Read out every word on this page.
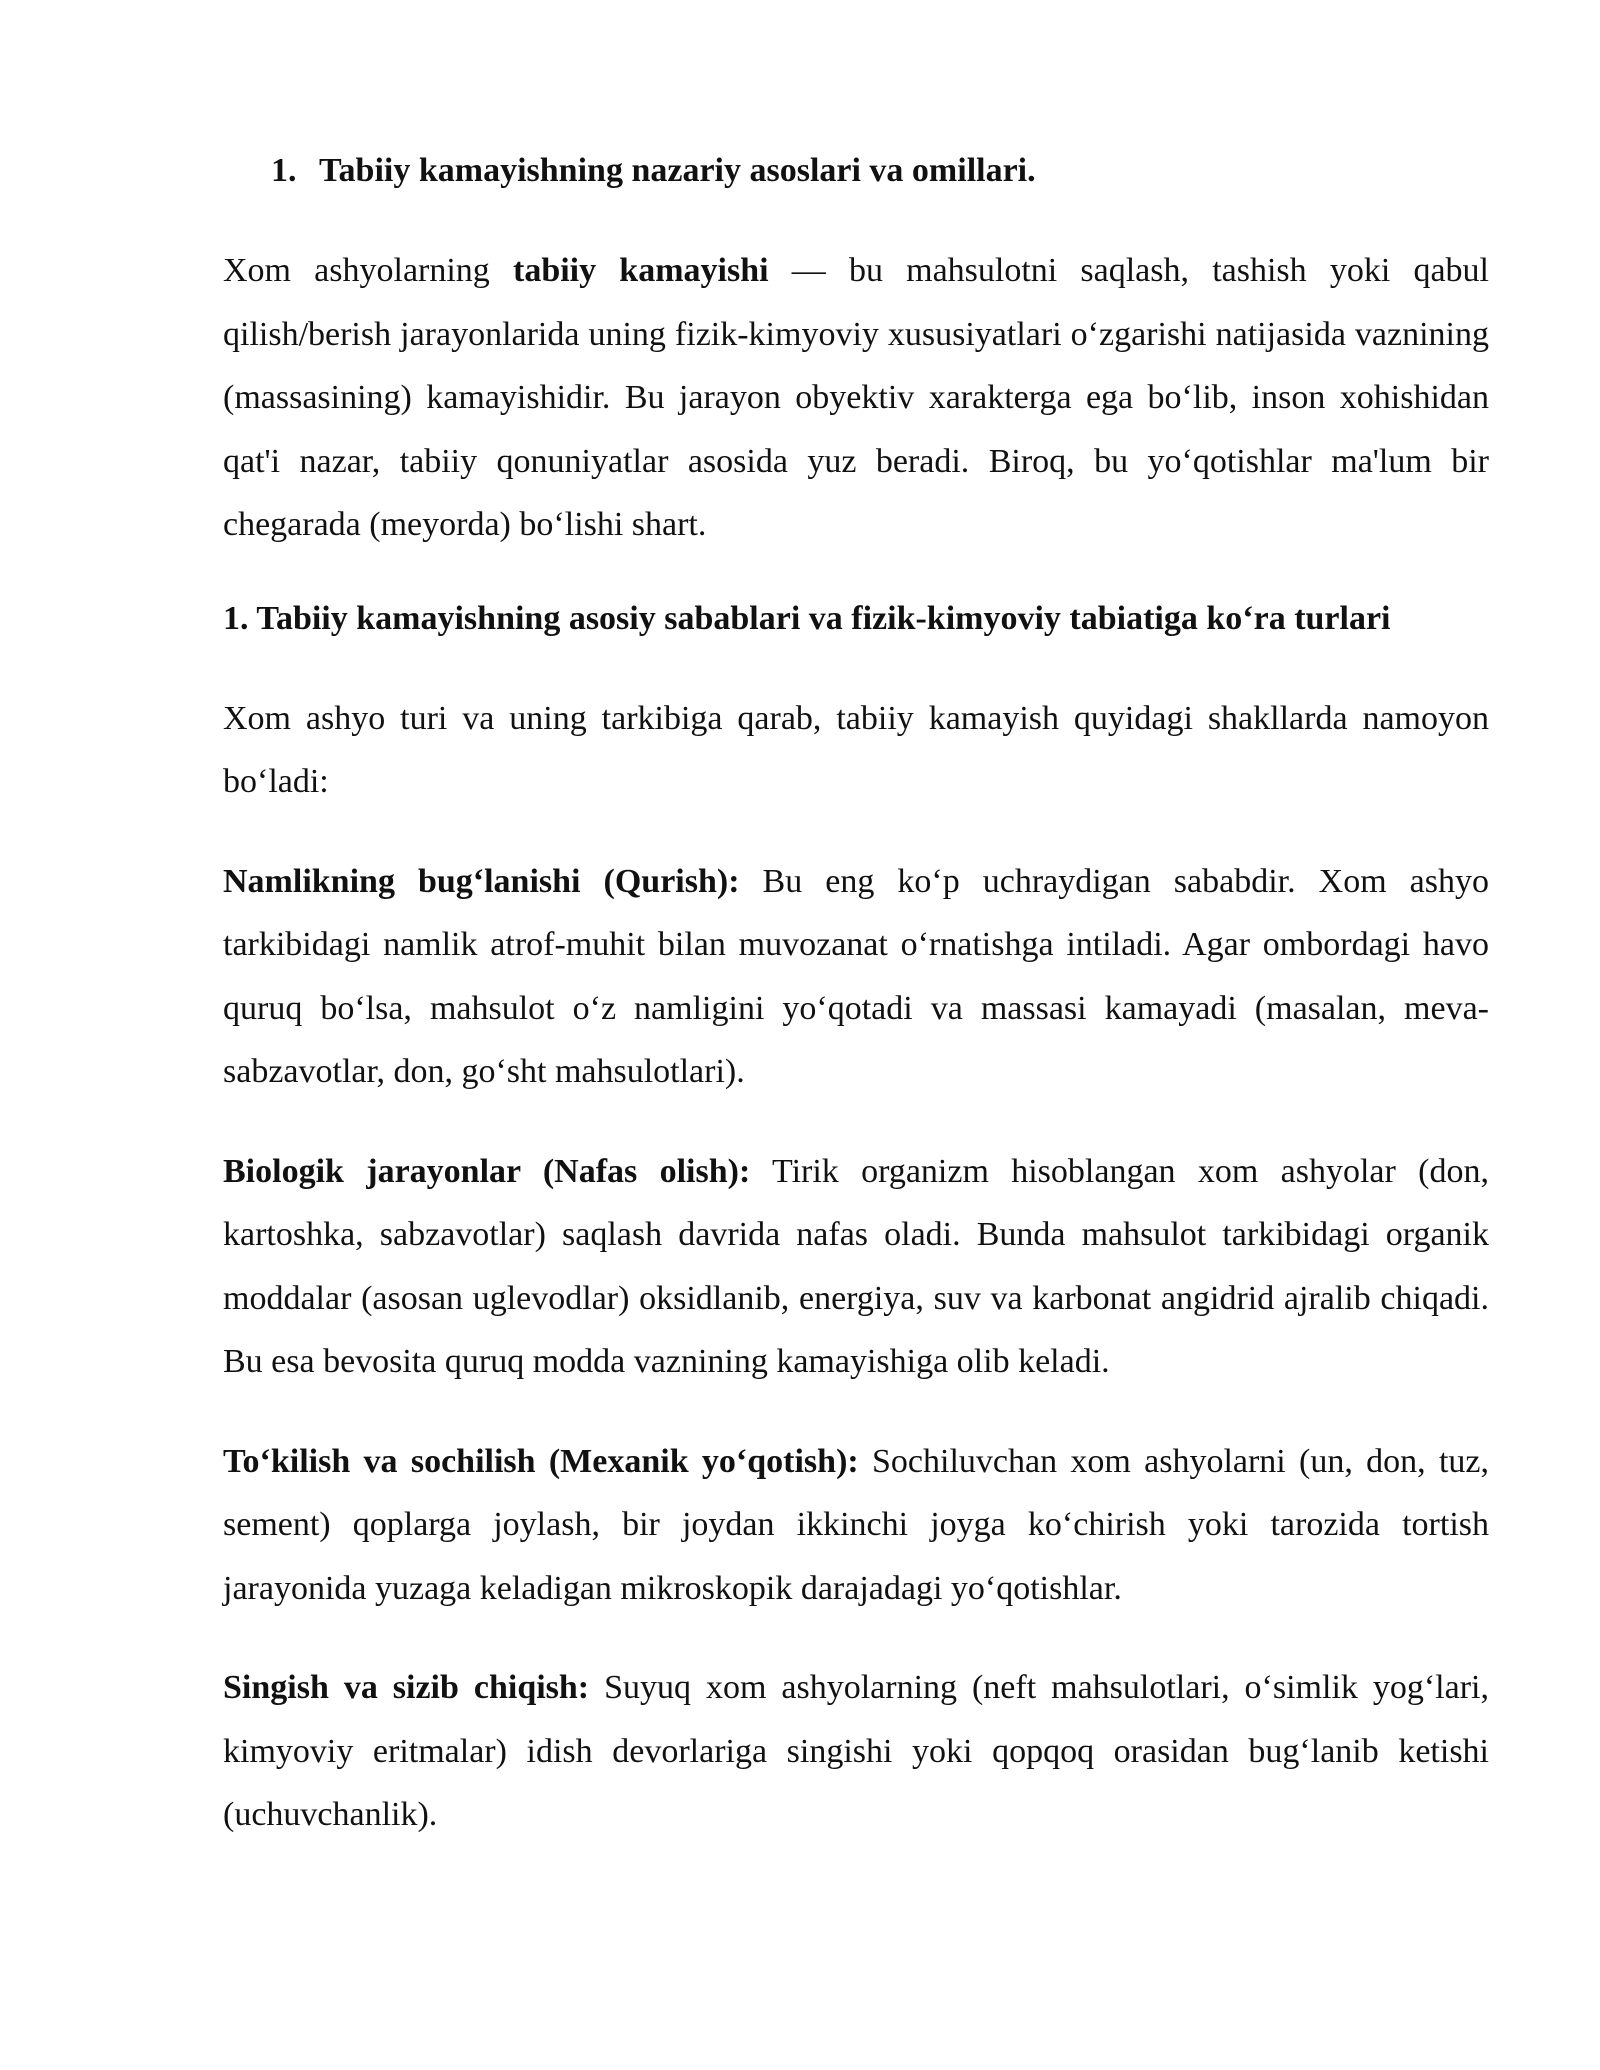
1. Tabiiy kamayishning nazariy asoslari va omillari.

Xom ashyolarning tabiiy kamayishi — bu mahsulotni saqlash, tashish yoki qabul qilish/berish jarayonlarida uning fizik-kimyoviy xususiyatlari o‘zgarishi natijasida vaznining (massasining) kamayishidir. Bu jarayon obyektiv xarakterga ega bo‘lib, inson xohishidan qat'i nazar, tabiiy qonuniyatlar asosida yuz beradi. Biroq, bu yo‘qotishlar ma'lum bir chegarada (meyorda) bo‘lishi shart.

1. Tabiiy kamayishning asosiy sabablari va fizik-kimyoviy tabiatiga ko‘ra turlari

Xom ashyo turi va uning tarkibiga qarab, tabiiy kamayish quyidagi shakllarda namoyon bo‘ladi:

Namlikning bug‘lanishi (Qurish): Bu eng ko‘p uchraydigan sababdir. Xom ashyo tarkibidagi namlik atrof-muhit bilan muvozanat o‘rnatishga intiladi. Agar ombordagi havo quruq bo‘lsa, mahsulot o‘z namligini yo‘qotadi va massasi kamayadi (masalan, meva-sabzavotlar, don, go‘sht mahsulotlari).

Biologik jarayonlar (Nafas olish): Tirik organizm hisoblangan xom ashyolar (don, kartoshka, sabzavotlar) saqlash davrida nafas oladi. Bunda mahsulot tarkibidagi organik moddalar (asosan uglevodlar) oksidlanib, energiya, suv va karbonat angidrid ajralib chiqadi. Bu esa bevosita quruq modda vaznining kamayishiga olib keladi.

To‘kilish va sochilish (Mexanik yo‘qotish): Sochiluvchan xom ashyolarni (un, don, tuz, sement) qoplarga joylash, bir joydan ikkinchi joyga ko‘chirish yoki tarozida tortish jarayonida yuzaga keladigan mikroskopik darajadagi yo‘qotishlar.

Singish va sizib chiqish: Suyuq xom ashyolarning (neft mahsulotlari, o‘simlik yog‘lari, kimyoviy eritmalar) idish devorlariga singishi yoki qopqoq orasidan bug‘lanib ketishi (uchuvchanlik).
